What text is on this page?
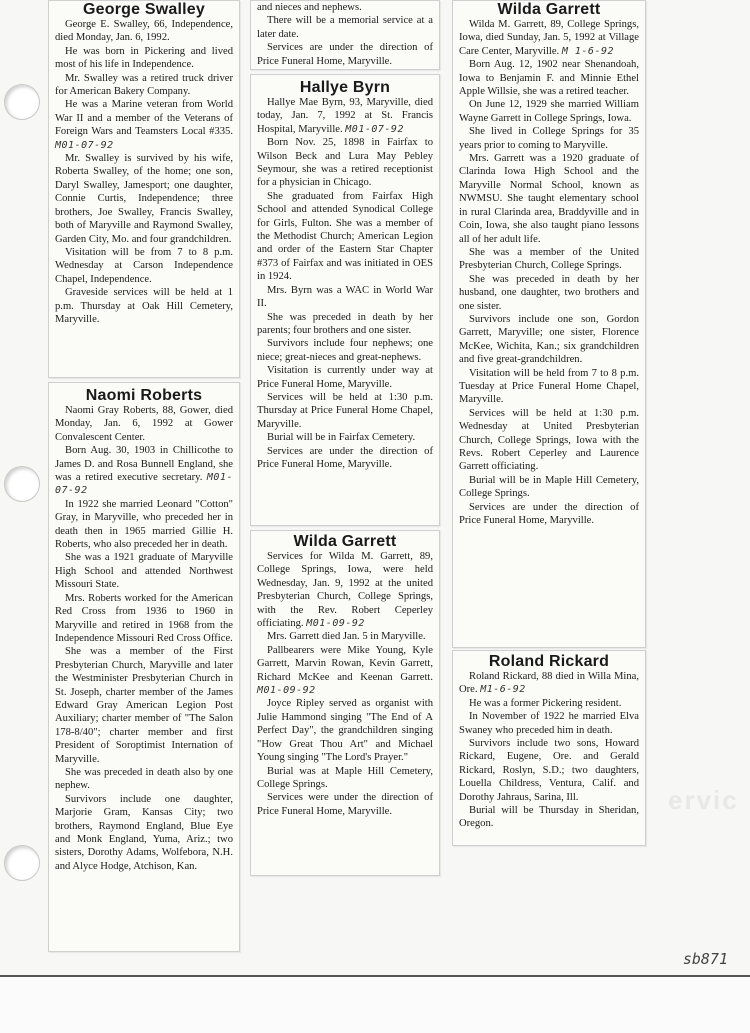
ervic
George Swalley

George E. Swalley, 66, Independence, died Monday, Jan. 6, 1992.

He was born in Pickering and lived most of his life in Independence.

Mr. Swalley was a retired truck driver for American Bakery Company.

He was a Marine veteran from World War II and a member of the Veterans of Foreign Wars and Teamsters Local #335. M01-07-92

Mr. Swalley is survived by his wife, Roberta Swalley, of the home; one son, Daryl Swalley, Jamesport; one daughter, Connie Curtis, Independence; three brothers, Joe Swalley, Francis Swalley, both of Maryville and Raymond Swalley, Garden City, Mo. and four grandchildren.

Visitation will be from 7 to 8 p.m. Wednesday at Carson Independence Chapel, Independence.

Graveside services will be held at 1 p.m. Thursday at Oak Hill Cemetery, Maryville.

Naomi Roberts

Naomi Gray Roberts, 88, Gower, died Monday, Jan. 6, 1992 at Gower Convalescent Center.

Born Aug. 30, 1903 in Chillicothe to James D. and Rosa Bunnell England, she was a retired executive secretary. M01-07-92

In 1922 she married Leonard "Cotton" Gray, in Maryville, who preceded her in death then in 1965 married Gillie H. Roberts, who also preceded her in death.

She was a 1921 graduate of Maryville High School and attended Northwest Missouri State.

Mrs. Roberts worked for the American Red Cross from 1936 to 1960 in Maryville and retired in 1968 from the Independence Missouri Red Cross Office.

She was a member of the First Presbyterian Church, Maryville and later the Westminister Presbyterian Church in St. Joseph, charter member of the James Edward Gray American Legion Post Auxiliary; charter member of "The Salon 178-8/40"; charter member and first President of Soroptimist Internation of Maryville.

She was preceded in death also by one nephew.

Survivors include one daughter, Marjorie Gram, Kansas City; two brothers, Raymond England, Blue Eye and Monk England, Yuma, Ariz.; two sisters, Dorothy Adams, Wolfebora, N.H. and Alyce Hodge, Atchison, Kan.

and nieces and nephews.

There will be a memorial service at a later date.

Services are under the direction of Price Funeral Home, Maryville.

Hallye Byrn

Hallye Mae Byrn, 93, Maryville, died today, Jan. 7, 1992 at St. Francis Hospital, Maryville. M01-07-92

Born Nov. 25, 1898 in Fairfax to Wilson Beck and Lura May Pebley Seymour, she was a retired receptionist for a physician in Chicago.

She graduated from Fairfax High School and attended Synodical College for Girls, Fulton. She was a member of the Methodist Church; American Legion and order of the Eastern Star Chapter #373 of Fairfax and was initiated in OES in 1924.

Mrs. Byrn was a WAC in World War II.

She was preceded in death by her parents; four brothers and one sister.

Survivors include four nephews; one niece; great-nieces and great-nephews.

Visitation is currently under way at Price Funeral Home, Maryville.

Services will be held at 1:30 p.m. Thursday at Price Funeral Home Chapel, Maryville.

Burial will be in Fairfax Cemetery.

Services are under the direction of Price Funeral Home, Maryville.

Wilda Garrett

Services for Wilda M. Garrett, 89, College Springs, Iowa, were held Wednesday, Jan. 9, 1992 at the united Presbyterian Church, College Springs, with the Rev. Robert Ceperley officiating. M01-09-92

Mrs. Garrett died Jan. 5 in Maryville.

Pallbearers were Mike Young, Kyle Garrett, Marvin Rowan, Kevin Garrett, Richard McKee and Keenan Garrett. M01-09-92

Joyce Ripley served as organist with Julie Hammond singing "The End of A Perfect Day", the grandchildren singing "How Great Thou Art" and Michael Young singing "The Lord's Prayer."

Burial was at Maple Hill Cemetery, College Springs.

Services were under the direction of Price Funeral Home, Maryville.

Wilda Garrett

Wilda M. Garrett, 89, College Springs, Iowa, died Sunday, Jan. 5, 1992 at Village Care Center, Maryville. M 1-6-92

Born Aug. 12, 1902 near Shenandoah, Iowa to Benjamin F. and Minnie Ethel Apple Willsie, she was a retired teacher.

On June 12, 1929 she married William Wayne Garrett in College Springs, Iowa.

She lived in College Springs for 35 years prior to coming to Maryville.

Mrs. Garrett was a 1920 graduate of Clarinda Iowa High School and the Maryville Normal School, known as NWMSU. She taught elementary school in rural Clarinda area, Braddyville and in Coin, Iowa, she also taught piano lessons all of her adult life.

She was a member of the United Presbyterian Church, College Springs.

She was preceded in death by her husband, one daughter, two brothers and one sister.

Survivors include one son, Gordon Garrett, Maryville; one sister, Florence McKee, Wichita, Kan.; six grandchildren and five great-grandchildren.

Visitation will be held from 7 to 8 p.m. Tuesday at Price Funeral Home Chapel, Maryville.

Services will be held at 1:30 p.m. Wednesday at United Presbyterian Church, College Springs, Iowa with the Revs. Robert Ceperley and Laurence Garrett officiating.

Burial will be in Maple Hill Cemetery, College Springs.

Services are under the direction of Price Funeral Home, Maryville.

Roland Rickard

Roland Rickard, 88 died in Willa Mina, Ore. M1-6-92

He was a former Pickering resident.

In November of 1922 he married Elva Swaney who preceded him in death.

Survivors include two sons, Howard Rickard, Eugene, Ore. and Gerald Rickard, Roslyn, S.D.; two daughters, Louella Childress, Ventura, Calif. and Dorothy Jahraus, Sarina, Ill.

Burial will be Thursday in Sheridan, Oregon.

sb871
